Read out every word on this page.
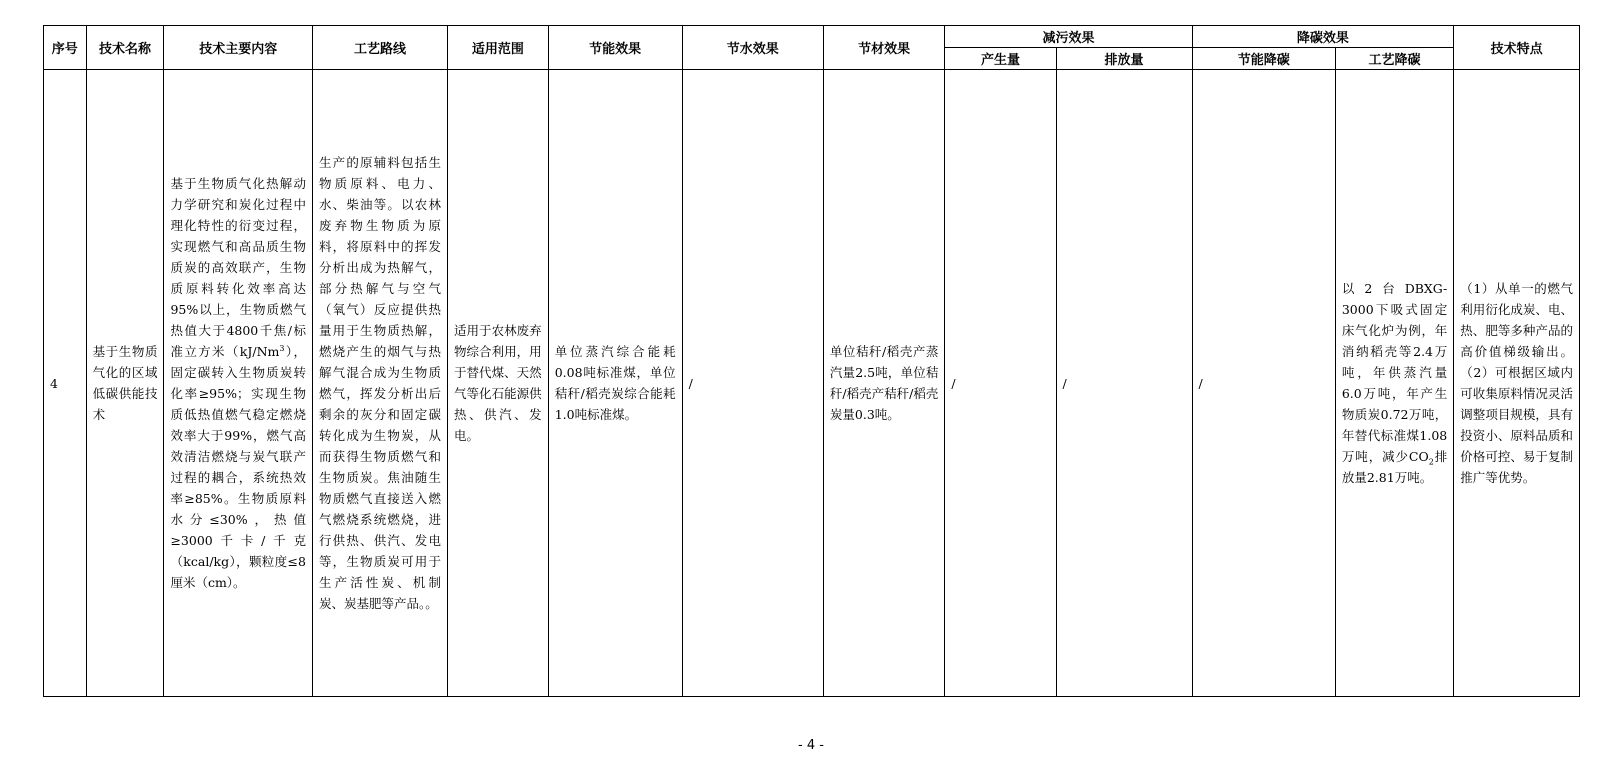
序号	技术名称	技术主要内容	工艺路线	适用范围	节能效果	节水效果	节材效果	减污效果		降碳效果		技术特点
								产生量	排放量	节能降碳	工艺降碳	
4	基于生物质气化的区域低碳供能技术	基于生物质气化热解动力学研究和炭化过程中理化特性的衍变过程，实现燃气和高品质生物质炭的高效联产，生物质原料转化效率高达95%以上，生物质燃气热值大于4800千焦/标准立方米（kJ/Nm$^3$），固定碳转入生物质炭转化率≥95%；实现生物质低热值燃气稳定燃烧效率大于99%，燃气高效清洁燃烧与炭气联产过程的耦合，系统热效率≥85%。生物质原料水分≤30%，热值≥3000千卡/千克（kcal/kg），颗粒度≤8厘米（cm）。	生产的原辅料包括生物质原料、电力、水、柴油等。以农林废弃物生物质为原料，将原料中的挥发分析出成为热解气，部分热解气与空气（氧气）反应提供热量用于生物质热解，燃烧产生的烟气与热解气混合成为生物质燃气，挥发分析出后剩余的灰分和固定碳转化成为生物炭，从而获得生物质燃气和生物质炭。焦油随生物质燃气直接送入燃气燃烧系统燃烧，进行供热、供汽、发电等，生物质炭可用于生产活性炭、机制炭、炭基肥等产品。。	适用于农林废弃物综合利用，用于替代煤、天然气等化石能源供热、供汽、发电。	单位蒸汽综合能耗0.08吨标准煤，单位秸秆/稻壳炭综合能耗1.0吨标准煤。	/	单位秸秆/稻壳产蒸汽量2.5吨，单位秸秆/稻壳产秸秆/稻壳炭量0.3吨。	/	/	/	以2台DBXG-3000下吸式固定床气化炉为例，年消纳稻壳等2.4万吨，年供蒸汽量6.0万吨，年产生物质炭0.72万吨，年替代标准煤1.08万吨，减少$CO_2$排放量2.81万吨。	（1）从单一的燃气利用衍化成炭、电、热、肥等多种产品的高价值梯级输出。（2）可根据区域内可收集原料情况灵活调整项目规模，具有投资小、原料品质和价格可控、易于复制推广等优势。
- 4 -
